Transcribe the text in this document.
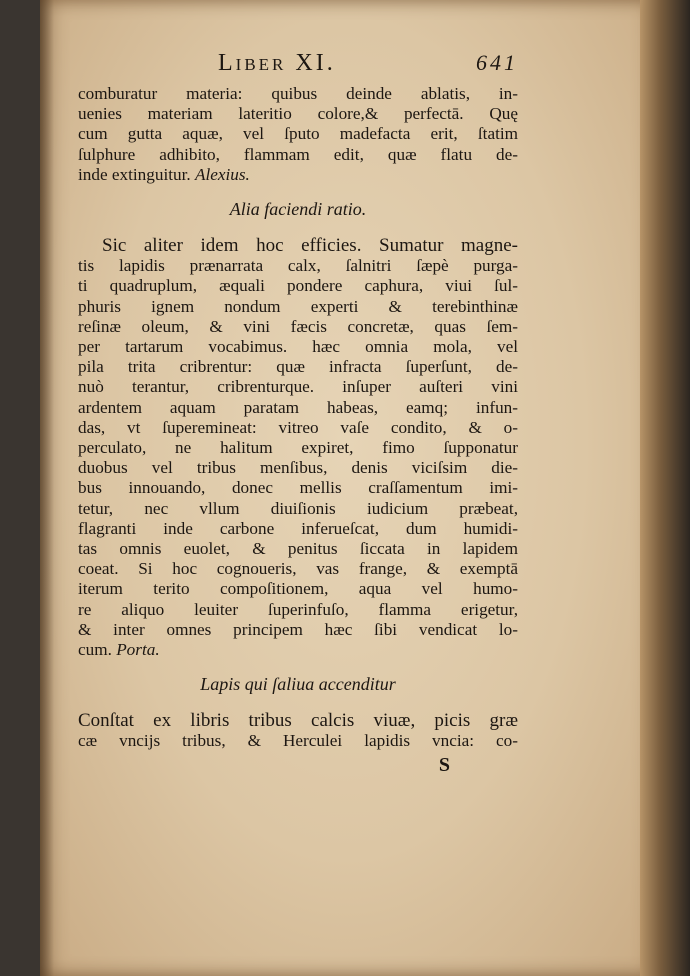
Liber XI.	641
comburatur materia: quibus deinde ablatis, in-
uenies materiam lateritio colore,& perfectā. Quę
cum gutta aquæ, vel ſputo madefacta erit, ſtatim
ſulphure adhibito, flammam edit, quæ flatu de-
inde extinguitur. Alexius.
Alia faciendi ratio.
Sic aliter idem hoc efficies. Sumatur magne-
tis lapidis prænarrata calx, ſalnitri ſæpè purga-
ti quadruplum, æquali pondere caphura, viui ſul-
phuris ignem nondum experti & terebinthinæ
reſinæ oleum, & vini fæcis concretæ, quas ſem-
per tartarum vocabimus. hæc omnia mola, vel
pila trita cribrentur: quæ infracta ſuperſunt, de-
nuò terantur, cribrenturque. inſuper auſteri vini
ardentem aquam paratam habeas, eamq; infun-
das, vt ſuperemineat: vitreo vaſe condito, & o-
perculato, ne halitum expiret, fimo ſupponatur
duobus vel tribus menſibus, denis viciſsim die-
bus innouando, donec mellis craſſamentum imi-
tetur, nec vllum diuiſionis iudicium præbeat,
flagranti inde carbone inferueſcat, dum humidi-
tas omnis euolet, & penitus ſiccata in lapidem
coeat. Si hoc cognoueris, vas frange, & exemptā
iterum terito compoſitionem, aqua vel humo-
re aliquo leuiter ſuperinfuſo, flamma erigetur,
& inter omnes principem hæc ſibi vendicat lo-
cum. Porta.
Lapis qui ſaliua accenditur
Conſtat ex libris tribus calcis viuæ, picis græ
cæ vncijs tribus, & Herculei lapidis vncia: co-
S
